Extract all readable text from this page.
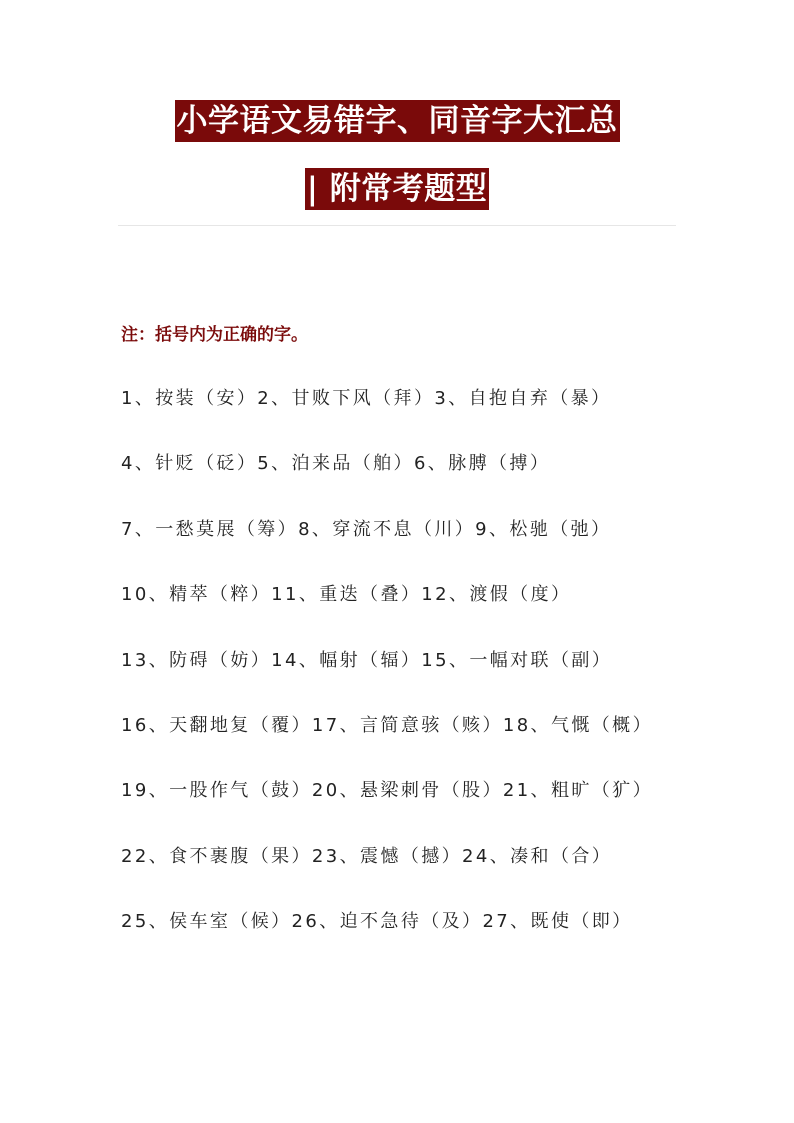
小学语文易错字、同音字大汇总
| 附常考题型
注：括号内为正确的字。
1、按装（安）2、甘败下风（拜）3、自抱自弃（暴）
4、针贬（砭）5、泊来品（舶）6、脉膊（搏）
7、一愁莫展（筹）8、穿流不息（川）9、松驰（弛）
10、精萃（粹）11、重迭（叠）12、渡假（度）
13、防碍（妨）14、幅射（辐）15、一幅对联（副）
16、天翻地复（覆）17、言简意骇（赅）18、气慨（概）
19、一股作气（鼓）20、悬梁刺骨（股）21、粗旷（犷）
22、食不裹腹（果）23、震憾（撼）24、凑和（合）
25、侯车室（候）26、迫不急待（及）27、既使（即）
